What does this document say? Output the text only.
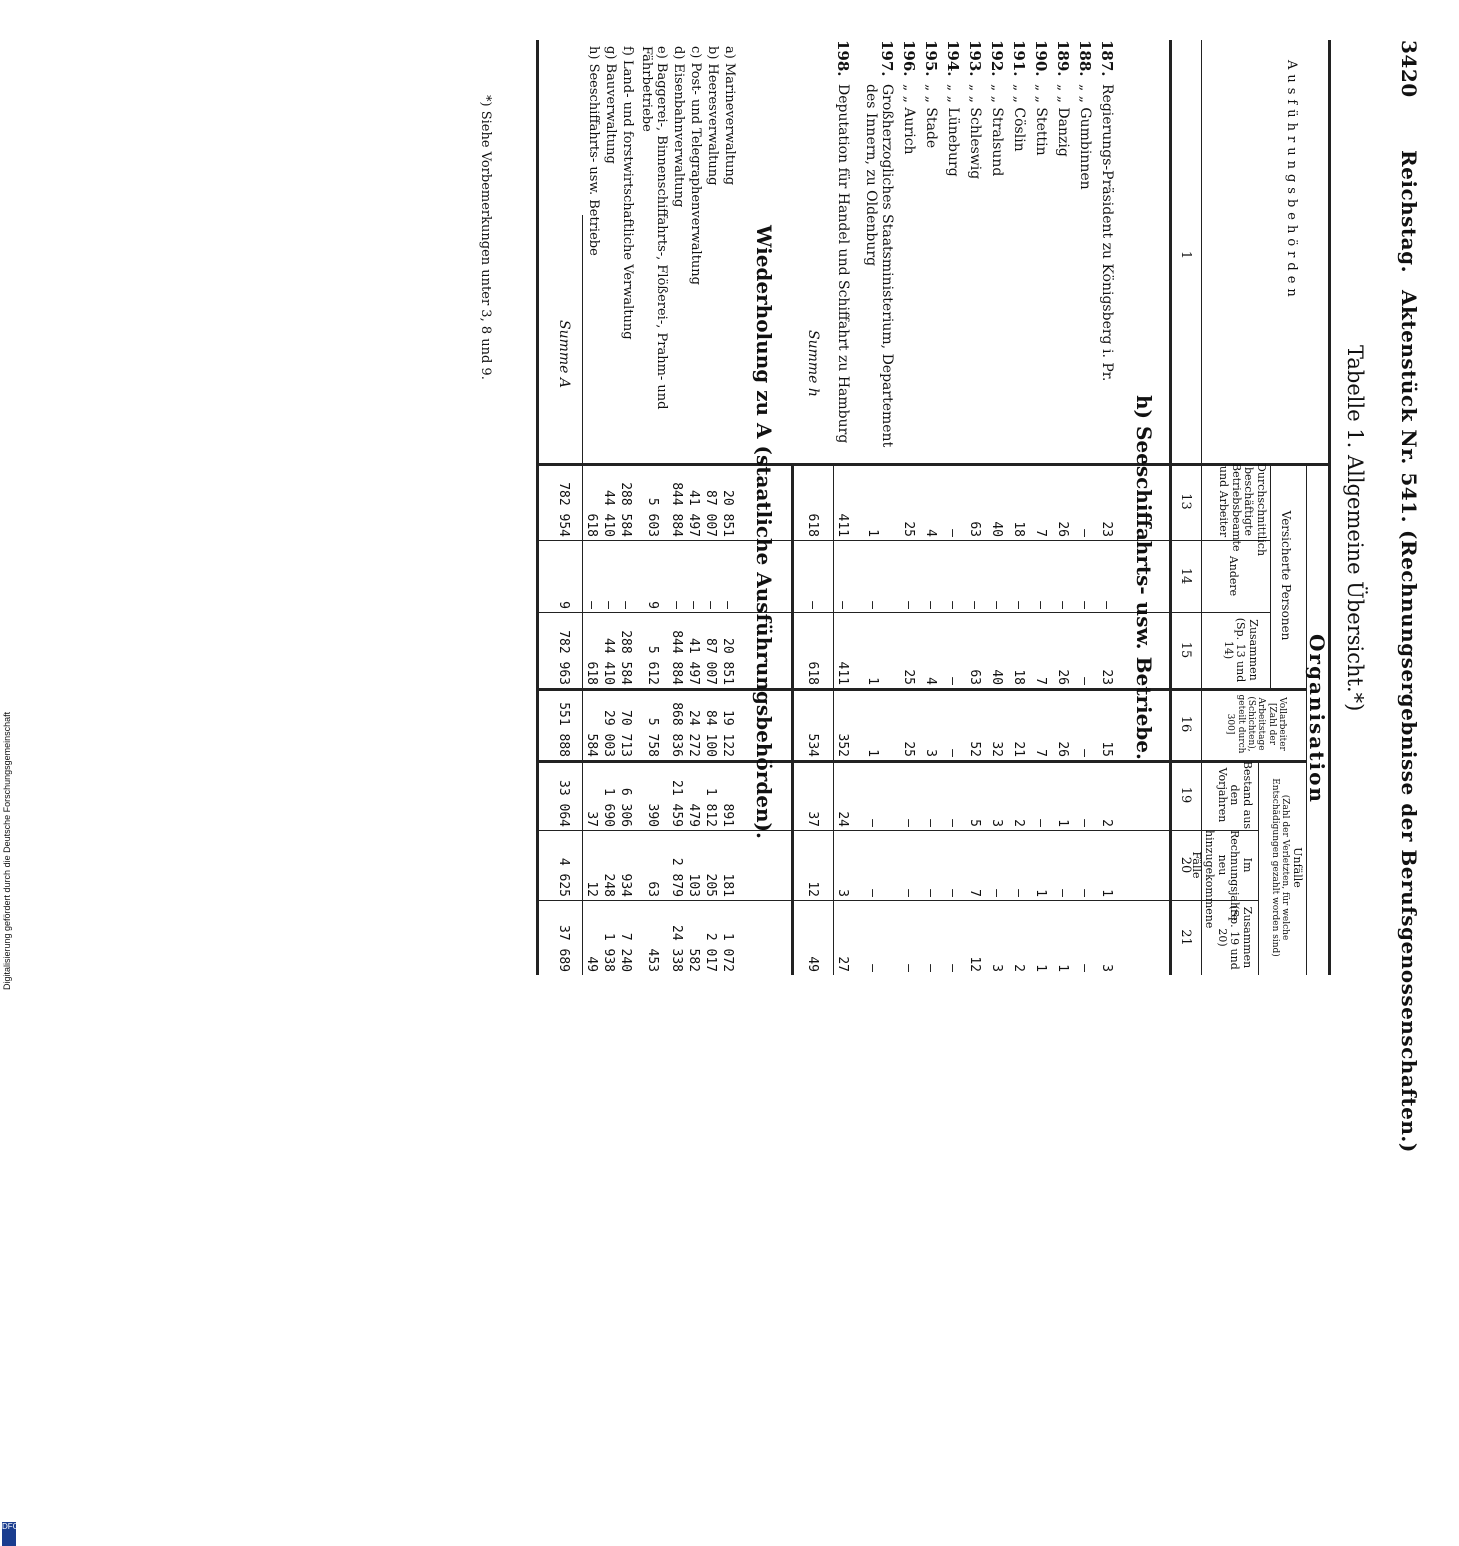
3420
Reichstag.
Aktenstück Nr. 541.
(Rechnungsergebnisse der Berufsgenossenschaften.)
Tabelle 1. Allgemeine Übersicht.*)
Ausführungsbehörden
1
Organisation
Versicherte Personen
Unfälle
(Zahl der Verletzten, für welche Entschädigungen gezahlt worden sind)
Durchschnittlich beschäftigte Betriebsbeamte und Arbeiter
Andere
Zusammen (Sp. 13 und 14)
Vollarbeiter [Zahl der Arbeitstage (Schichten), geteilt durch 300]
Bestand aus den Vorjahren
Im Rechnungsjahre neu hinzugekommene Fälle
Zusammen (Sp. 19 und 20)
13
14
15
16
19
20
21
h) Seeschiffahrts- usw. Betriebe.
187.
Regierungs-Präsident zu Königsberg i. Pr.
23
—
23
15
2
1
3
188.
„ „ Gumbinnen
—
—
—
—
—
—
—
189.
„ „ Danzig
26
—
26
26
1
—
1
190.
„ „ Stettin
7
—
7
7
—
1
1
191.
„ „ Cöslin
18
—
18
21
2
—
2
192.
„ „ Stralsund
40
—
40
32
3
—
3
193.
„ „ Schleswig
63
—
63
52
5
7
12
194.
„ „ Lüneburg
—
—
—
—
—
—
—
195.
„ „ Stade
4
—
4
3
—
—
—
196.
„ „ Aurich
25
—
25
25
—
—
—
197.
Großherzogliches Staatsministerium, Departement des Innern, zu Oldenburg
1
—
1
1
—
—
—
198.
Deputation für Handel und Schiffahrt zu Hamburg
411
—
411
352
24
3
27
Summe h
618
—
618
534
37
12
49
Wiederholung zu A (staatliche Ausführungsbehörden).
a) Marineverwaltung
20 851
—
20 851
19 122
891
181
1 072
b) Heeresverwaltung
87 007
—
87 007
84 100
1 812
205
2 017
c) Post- und Telegraphenverwaltung
41 497
—
41 497
24 272
479
103
582
d) Eisenbahnverwaltung
844 884
—
844 884
868 836
21 459
2 879
24 338
e) Baggerei-, Binnenschiffahrts-, Flößerei-, Prahm- und Fährbetriebe
5 603
9
5 612
5 758
390
63
453
f) Land- und forstwirtschaftliche Verwaltung
288 584
—
288 584
70 713
6 306
934
7 240
g) Bauverwaltung
44 410
—
44 410
29 003
1 690
248
1 938
h) Seeschiffahrts- usw. Betriebe
618
—
618
584
37
12
49
Summe A
782 954
9
782 963
551 888
33 064
4 625
37 689
*) Siehe Vorbemerkungen unter 3, 8 und 9.
Digitalisierung gefördert durch die Deutsche Forschungsgemeinschaft
DFG
